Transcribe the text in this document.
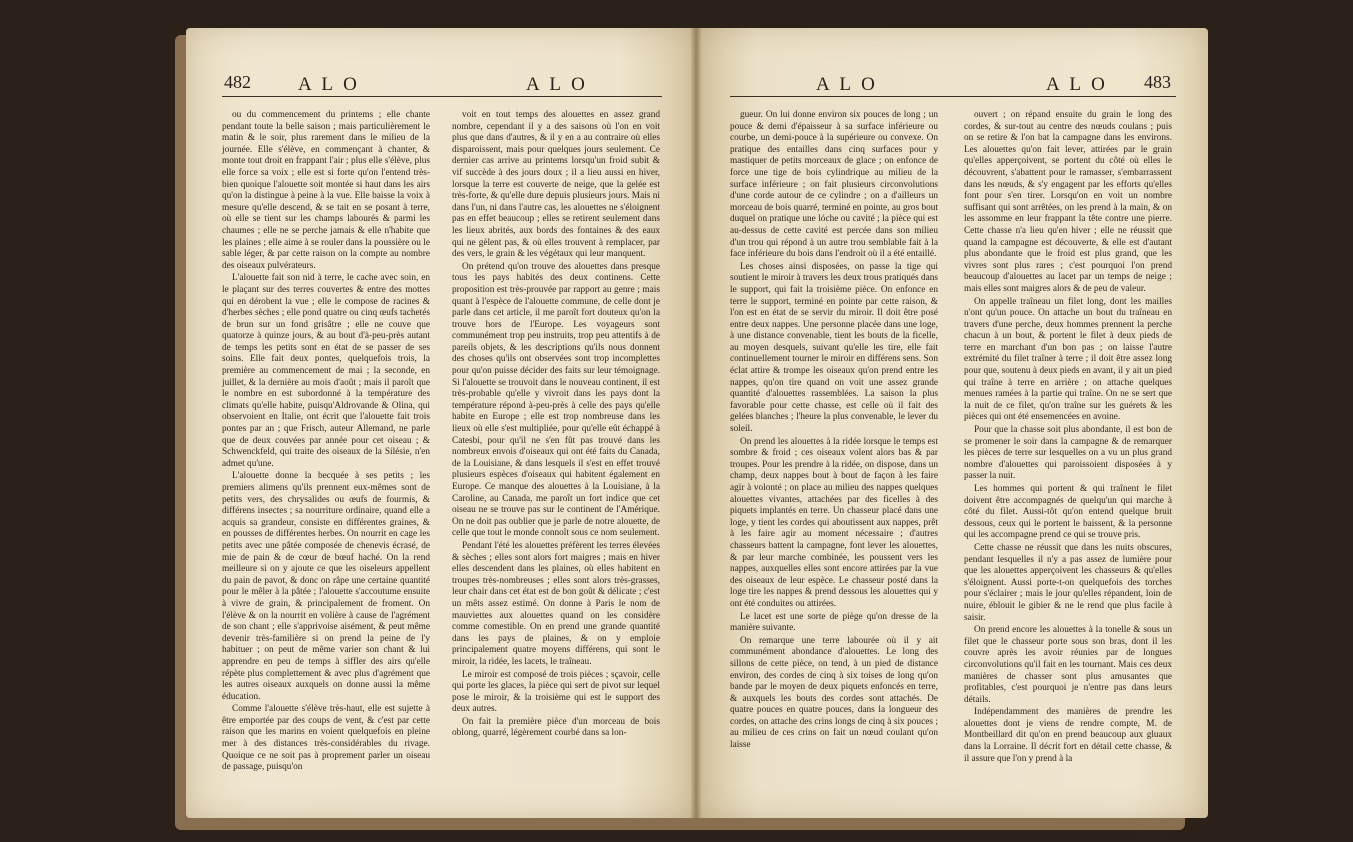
482 A L O	A L O

ou du commencement du printems ; elle chante pendant toute la belle saison ; mais particulièrement le matin & le soir, plus rarement dans le milieu de la journée. Elle s'élève, en commençant à chanter, & monte tout droit en frappant l'air ; plus elle s'élève, plus elle force sa voix ; elle est si forte qu'on l'entend très-bien quoique l'alouette soit montée si haut dans les airs qu'on la distingue à peine à la vue. Elle baisse la voix à mesure qu'elle descend, & se tait en se posant à terre, où elle se tient sur les champs labourés & parmi les chaumes ; elle ne se perche jamais & elle n'habite que les plaines ; elle aime à se rouler dans la poussière ou le sable léger, & par cette raison on la compte au nombre des oiseaux pulvérateurs.

L'alouette fait son nid à terre, le cache avec soin, en le plaçant sur des terres couvertes & entre des mottes qui en dérobent la vue ; elle le compose de racines & d'herbes sèches ; elle pond quatre ou cinq œufs tachetés de brun sur un fond grisâtre ; elle ne couve que quatorze à quinze jours, & au bout d'à-peu-près autant de temps les petits sont en état de se passer de ses soins. Elle fait deux pontes, quelquefois trois, la première au commencement de mai ; la seconde, en juillet, & la dernière au mois d'août ; mais il paroît que le nombre en est subordonné à la température des climats qu'elle habite, puisqu'Aldrovande & Olina, qui observoient en Italie, ont écrit que l'alouette fait trois pontes par an ; que Frisch, auteur Allemand, ne parle que de deux couvées par année pour cet oiseau ; & Schwenckfeld, qui traite des oiseaux de la Silésie, n'en admet qu'une.

L'alouette donne la becquée à ses petits ; les premiers alimens qu'ils prennent eux-mêmes sont de petits vers, des chrysalides ou œufs de fourmis, & différens insectes ; sa nourriture ordinaire, quand elle a acquis sa grandeur, consiste en différentes graines, & en pousses de différentes herbes. On nourrit en cage les petits avec une pâtée composée de chenevis écrasé, de mie de pain & de cœur de bœuf haché. On la rend meilleure si on y ajoute ce que les oiseleurs appellent du pain de pavot, & donc on râpe une certaine quantité pour le mêler à la pâtée ; l'alouette s'accoutume ensuite à vivre de grain, & principalement de froment. On l'élève & on la nourrit en volière à cause de l'agrément de son chant ; elle s'apprivoise aisément, & peut même devenir très-familière si on prend la peine de l'y habituer ; on peut de même varier son chant & lui apprendre en peu de temps à siffler des airs qu'elle répète plus complettement & avec plus d'agrément que les autres oiseaux auxquels on donne aussi la même éducation.

Comme l'alouette s'élève très-haut, elle est sujette à être emportée par des coups de vent, & c'est par cette raison que les marins en voient quelquefois en pleine mer à des distances très-considérables du rivage. Quoique ce ne soit pas à proprement parler un oiseau de passage, puisqu'on

voit en tout temps des alouettes en assez grand nombre, cependant il y a des saisons où l'on en voit plus que dans d'autres, & il y en a au contraire où elles disparoissent, mais pour quelques jours seulement. Ce dernier cas arrive au printems lorsqu'un froid subit & vif succède à des jours doux ; il a lieu aussi en hiver, lorsque la terre est couverte de neige, que la gelée est très-forte, & qu'elle dure depuis plusieurs jours. Mais ni dans l'un, ni dans l'autre cas, les alouettes ne s'éloignent pas en effet beaucoup ; elles se retirent seulement dans les lieux abrités, aux bords des fontaines & des eaux qui ne gèlent pas, & où elles trouvent à remplacer, par des vers, le grain & les végétaux qui leur manquent.

On prétend qu'on trouve des alouettes dans presque tous les pays habités des deux continens. Cette proposition est très-prouvée par rapport au genre ; mais quant à l'espèce de l'alouette commune, de celle dont je parle dans cet article, il me paroît fort douteux qu'on la trouve hors de l'Europe. Les voyageurs sont communément trop peu instruits, trop peu attentifs à de pareils objets, & les descriptions qu'ils nous donnent des choses qu'ils ont observées sont trop incomplettes pour qu'on puisse décider des faits sur leur témoignage. Si l'alouette se trouvoit dans le nouveau continent, il est très-probable qu'elle y vivroit dans les pays dont la température répond à-peu-près à celle des pays qu'elle habite en Europe ; elle est trop nombreuse dans les lieux où elle s'est multipliée, pour qu'elle eût échappé à Catesbi, pour qu'il ne s'en fût pas trouvé dans les nombreux envois d'oiseaux qui ont été faits du Canada, de la Louisiane, & dans lesquels il s'est en effet trouvé plusieurs espèces d'oiseaux qui habitent également en Europe. Ce manque des alouettes à la Louisiane, à la Caroline, au Canada, me paroît un fort indice que cet oiseau ne se trouve pas sur le continent de l'Amérique. On ne doit pas oublier que je parle de notre alouette, de celle que tout le monde connoît sous ce nom seulement.

Pendant l'été les alouettes préfèrent les terres élevées & sèches ; elles sont alors fort maigres ; mais en hiver elles descendent dans les plaines, où elles habitent en troupes très-nombreuses ; elles sont alors très-grasses, leur chair dans cet état est de bon goût & délicate ; c'est un mêts assez estimé. On donne à Paris le nom de mauviettes aux alouettes quand on les considère comme comestible. On en prend une grande quantité dans les pays de plaines, & on y emploie principalement quatre moyens différens, qui sont le miroir, la ridée, les lacets, le traîneau.

Le miroir est composé de trois pièces ; sçavoir, celle qui porte les glaces, la pièce qui sert de pivot sur lequel pose le miroir, & la troisième qui est le support des deux autres.

On fait la première pièce d'un morceau de bois oblong, quarré, légèrement courbé dans sa lon-

A L O	A L O 483

gueur. On lui donne environ six pouces de long ; un pouce & demi d'épaisseur à sa surface inférieure ou courbe, un demi-pouce à la supérieure ou convexe. On pratique des entailles dans cinq surfaces pour y mastiquer de petits morceaux de glace ; on enfonce de force une tige de bois cylindrique au milieu de la surface inférieure ; on fait plusieurs circonvolutions d'une corde autour de ce cylindre ; on a d'ailleurs un morceau de bois quarré, terminé en pointe, au gros bout duquel on pratique une lóche ou cavité ; la pièce qui est au-dessus de cette cavité est percée dans son milieu d'un trou qui répond à un autre trou semblable fait à la face inférieure du bois dans l'endroit où il a été entaillé.

Les choses ainsi disposées, on passe la tige qui soutient le miroir à travers les deux trous pratiqués dans le support, qui fait la troisième pièce. On enfonce en terre le support, terminé en pointe par cette raison, & l'on est en état de se servir du miroir. Il doit être posé entre deux nappes. Une personne placée dans une loge, à une distance convenable, tient les bouts de la ficelle, au moyen desquels, suivant qu'elle les tire, elle fait continuellement tourner le miroir en différens sens. Son éclat attire & trompe les oiseaux qu'on prend entre les nappes, qu'on tire quand on voit une assez grande quantité d'alouettes rassemblées. La saison la plus favorable pour cette chasse, est celle où il fait des gelées blanches ; l'heure la plus convenable, le lever du soleil.

On prend les alouettes à la ridée lorsque le temps est sombre & froid ; ces oiseaux volent alors bas & par troupes. Pour les prendre à la ridée, on dispose, dans un champ, deux nappes bout à bout de façon à les faire agir à volonté ; on place au milieu des nappes quelques alouettes vivantes, attachées par des ficelles à des piquets implantés en terre. Un chasseur placé dans une loge, y tient les cordes qui aboutissent aux nappes, prêt à les faire agir au moment nécessaire ; d'autres chasseurs battent la campagne, font lever les alouettes, & par leur marche combinée, les poussent vers les nappes, auxquelles elles sont encore attirées par la vue des oiseaux de leur espèce. Le chasseur posté dans la loge tire les nappes & prend dessous les alouettes qui y ont été conduites ou attirées.

Le lacet est une sorte de piège qu'on dresse de la manière suivante.

On remarque une terre labourée où il y ait communément abondance d'alouettes. Le long des sillons de cette pièce, on tend, à un pied de distance environ, des cordes de cinq à six toises de long qu'on bande par le moyen de deux piquets enfoncés en terre, & auxquels les bouts des cordes sont attachés. De quatre pouces en quatre pouces, dans la longueur des cordes, on attache des crins longs de cinq à six pouces ; au milieu de ces crins on fait un nœud coulant qu'on laisse

ouvert ; on répand ensuite du grain le long des cordes, & sur-tout au centre des nœuds coulans ; puis on se retire & l'on bat la campagne dans les environs. Les alouettes qu'on fait lever, attirées par le grain qu'elles apperçoivent, se portent du côté où elles le découvrent, s'abattent pour le ramasser, s'embarrassent dans les nœuds, & s'y engagent par les efforts qu'elles font pour s'en tirer. Lorsqu'on en voit un nombre suffisant qui sont arrêtées, on les prend à la main, & on les assomme en leur frappant la tête contre une pierre. Cette chasse n'a lieu qu'en hiver ; elle ne réussit que quand la campagne est découverte, & elle est d'autant plus abondante que le froid est plus grand, que les vivres sont plus rares ; c'est pourquoi l'on prend beaucoup d'alouettes au lacet par un temps de neige ; mais elles sont maigres alors & de peu de valeur.

On appelle traîneau un filet long, dont les mailles n'ont qu'un pouce. On attache un bout du traîneau en travers d'une perche, deux hommes prennent la perche chacun à un bout, & portent le filet à deux pieds de terre en marchant d'un bon pas ; on laisse l'autre extrémité du filet traîner à terre ; il doit être assez long pour que, soutenu à deux pieds en avant, il y ait un pied qui traîne à terre en arrière ; on attache quelques menues ramées à la partie qui traîne. On ne se sert que la nuit de ce filet, qu'on traîne sur les guérets & les pièces qui ont été ensemencées en avoine.

Pour que la chasse soit plus abondante, il est bon de se promener le soir dans la campagne & de remarquer les pièces de terre sur lesquelles on a vu un plus grand nombre d'alouettes qui paroissoient disposées à y passer la nuit.

Les hommes qui portent & qui traînent le filet doivent être accompagnés de quelqu'un qui marche à côté du filet. Aussi-tôt qu'on entend quelque bruit dessous, ceux qui le portent le baissent, & la personne qui les accompagne prend ce qui se trouve pris.

Cette chasse ne réussit que dans les nuits obscures, pendant lesquelles il n'y a pas assez de lumière pour que les alouettes apperçoivent les chasseurs & qu'elles s'éloignent. Aussi porte-t-on quelquefois des torches pour s'éclairer ; mais le jour qu'elles répandent, loin de nuire, éblouit le gibier & ne le rend que plus facile à saisir.

On prend encore les alouettes à la tonelle & sous un filet que le chasseur porte sous son bras, dont il les couvre après les avoir réunies par de longues circonvolutions qu'il fait en les tournant. Mais ces deux manières de chasser sont plus amusantes que profitables, c'est pourquoi je n'entre pas dans leurs détails.

Indépendamment des manières de prendre les alouettes dont je viens de rendre compte, M. de Montbeillard dit qu'on en prend beaucoup aux gluaux dans la Lorraine. Il décrit fort en détail cette chasse, & il assure que l'on y prend à la

P p p ij
